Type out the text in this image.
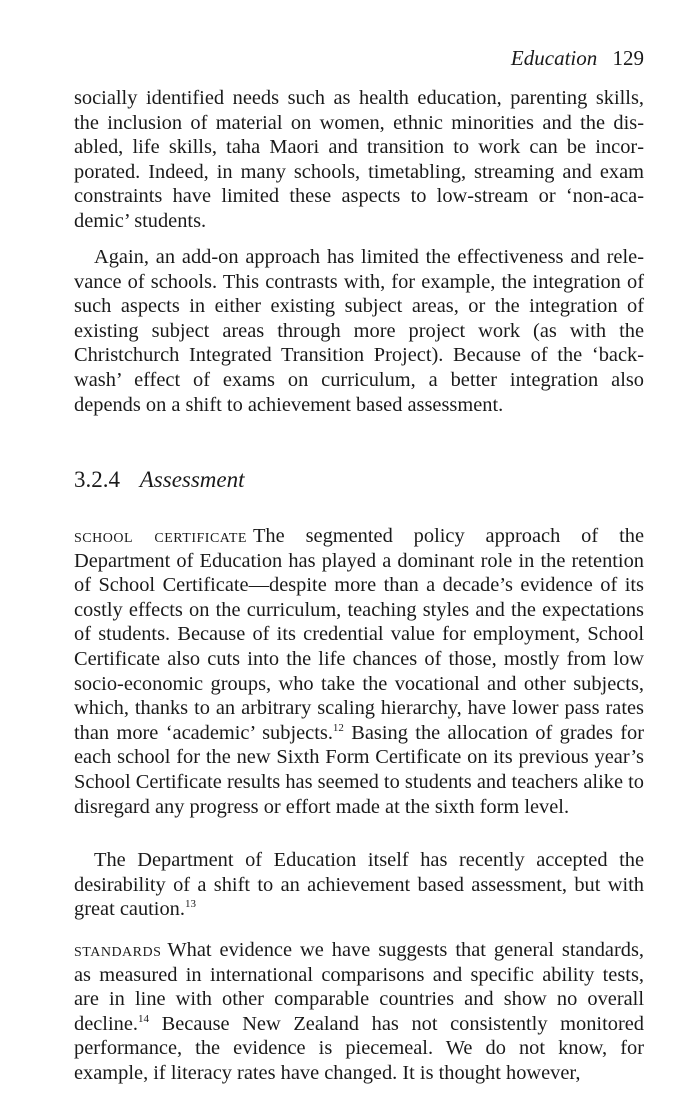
Education 129

socially identified needs such as health education, parenting skills, the inclusion of material on women, ethnic minorities and the disabled, life skills, taha Maori and transition to work can be incorporated. Indeed, in many schools, timetabling, streaming and exam constraints have limited these aspects to low-stream or ‘non-academic’ students.

Again, an add-on approach has limited the effectiveness and relevance of schools. This contrasts with, for example, the integration of such aspects in either existing subject areas, or the integration of existing subject areas through more project work (as with the Christchurch Integrated Transition Project). Because of the ‘backwash’ effect of exams on curriculum, a better integration also depends on a shift to achievement based assessment.

3.2.4 Assessment

school certificate The segmented policy approach of the Department of Education has played a dominant role in the retention of School Certificate—despite more than a decade’s evidence of its costly effects on the curriculum, teaching styles and the expectations of students. Because of its credential value for employment, School Certificate also cuts into the life chances of those, mostly from low socio-economic groups, who take the vocational and other subjects, which, thanks to an arbitrary scaling hierarchy, have lower pass rates than more ‘academic’ subjects.$^{12}$ Basing the allocation of grades for each school for the new Sixth Form Certificate on its previous year’s School Certificate results has seemed to students and teachers alike to disregard any progress or effort made at the sixth form level.

The Department of Education itself has recently accepted the desirability of a shift to an achievement based assessment, but with great caution.$^{13}$

standards What evidence we have suggests that general standards, as measured in international comparisons and specific ability tests, are in line with other comparable countries and show no overall decline.$^{14}$ Because New Zealand has not consistently monitored performance, the evidence is piecemeal. We do not know, for example, if literacy rates have changed. It is thought however,
